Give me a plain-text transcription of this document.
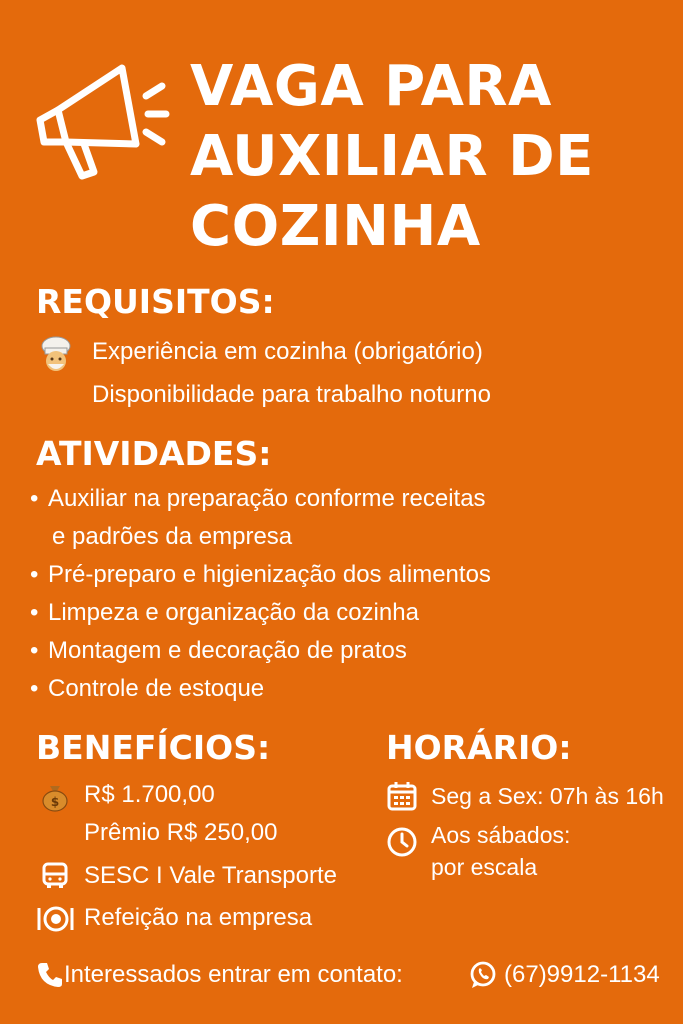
VAGA PARA
AUXILIAR DE
COZINHA
REQUISITOS:
Experiência em cozinha (obrigatório)
Disponibilidade para trabalho noturno
ATIVIDADES:
• Auxiliar na preparação conforme receitas
e padrões da empresa
• Pré-preparo e higienização dos alimentos
• Limpeza e organização da cozinha
• Montagem e decoração de pratos
• Controle de estoque
BENEFÍCIOS:
$ R$ 1.700,00
Prêmio R$ 250,00
SESC I Vale Transporte
Refeição na empresa
HORÁRIO:
Seg a Sex: 07h às 16h
Aos sábados:
por escala
Interessados entrar em contato:	(67)9912-1134
